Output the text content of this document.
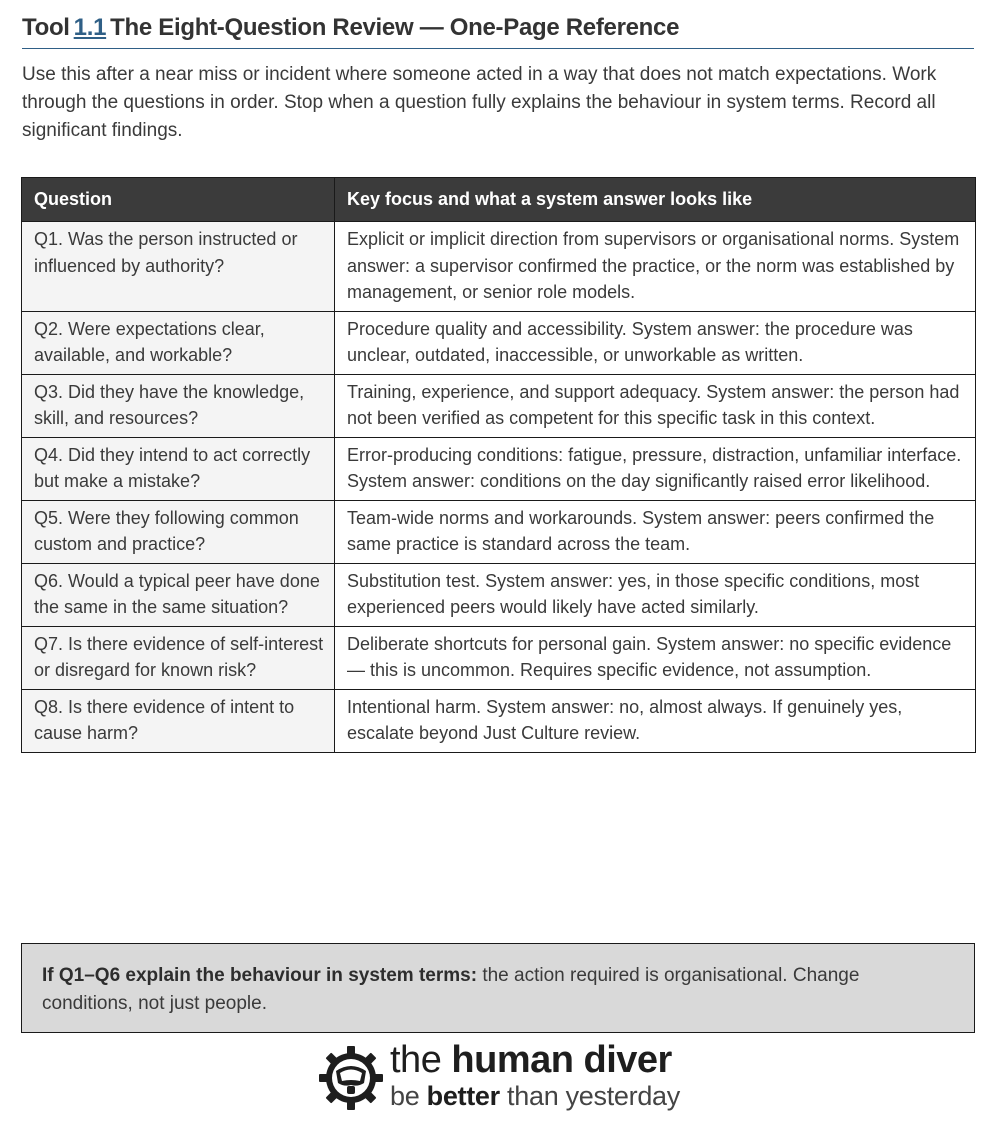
Tool 1.1 The Eight-Question Review — One-Page Reference
Use this after a near miss or incident where someone acted in a way that does not match expectations. Work through the questions in order. Stop when a question fully explains the behaviour in system terms. Record all significant findings.
Question	Key focus and what a system answer looks like

Q1. Was the person instructed or influenced by authority?	Explicit or implicit direction from supervisors or organisational norms. System answer: a supervisor confirmed the practice, or the norm was established by management, or senior role models.

Q2. Were expectations clear, available, and workable?	Procedure quality and accessibility. System answer: the procedure was unclear, outdated, inaccessible, or unworkable as written.

Q3. Did they have the knowledge, skill, and resources?	Training, experience, and support adequacy. System answer: the person had not been verified as competent for this specific task in this context.

Q4. Did they intend to act correctly but make a mistake?	Error-producing conditions: fatigue, pressure, distraction, unfamiliar interface. System answer: conditions on the day significantly raised error likelihood.

Q5. Were they following common custom and practice?	Team-wide norms and workarounds. System answer: peers confirmed the same practice is standard across the team.

Q6. Would a typical peer have done the same in the same situation?	Substitution test. System answer: yes, in those specific conditions, most experienced peers would likely have acted similarly.

Q7. Is there evidence of self-interest or disregard for known risk?	Deliberate shortcuts for personal gain. System answer: no specific evidence — this is uncommon. Requires specific evidence, not assumption.

Q8. Is there evidence of intent to cause harm?	Intentional harm. System answer: no, almost always. If genuinely yes, escalate beyond Just Culture review.
If Q1–Q6 explain the behaviour in system terms: the action required is organisational. Change conditions, not just people.
the human diver
be better than yesterday
